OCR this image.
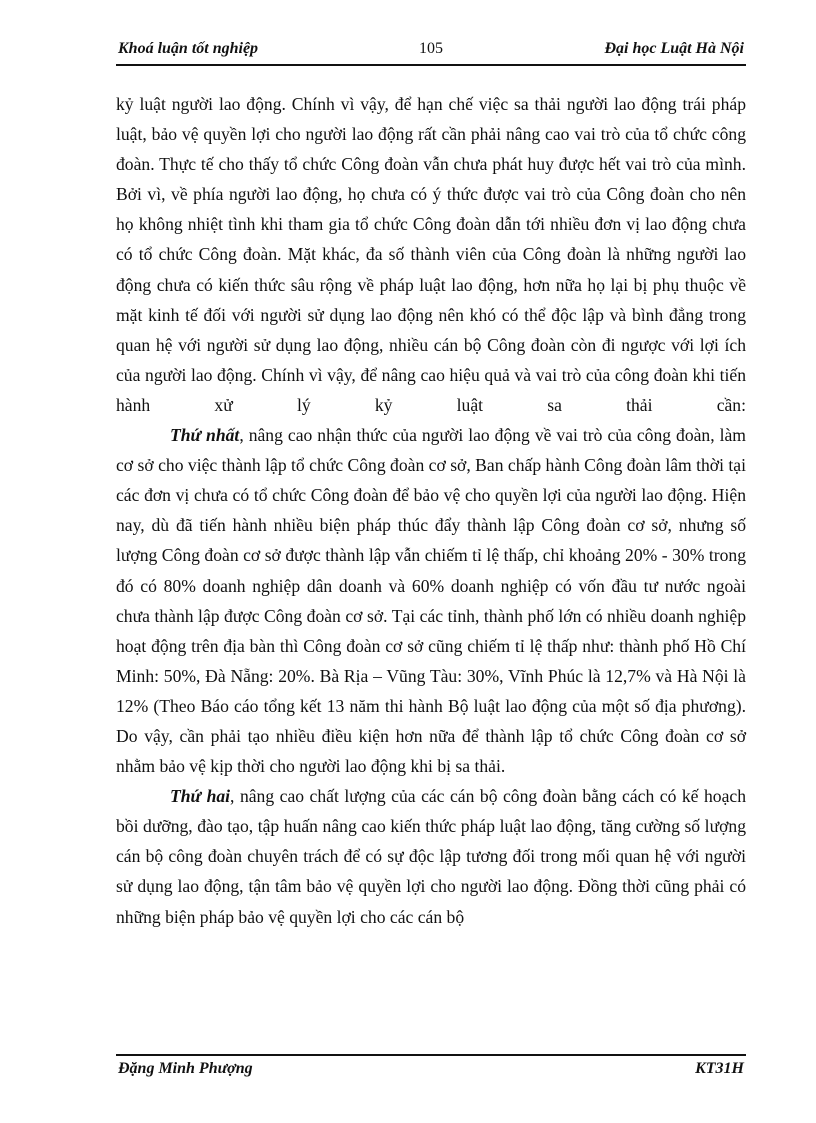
Khoá luận tốt nghiệp	105	Đại học Luật Hà Nội

kỷ luật người lao động. Chính vì vậy, để hạn chế việc sa thải người lao động trái pháp luật, bảo vệ quyền lợi cho người lao động rất cần phải nâng cao vai trò của tổ chức công đoàn. Thực tế cho thấy tổ chức Công đoàn vẫn chưa phát huy được hết vai trò của mình. Bởi vì, về phía người lao động, họ chưa có ý thức được vai trò của Công đoàn cho nên họ không nhiệt tình khi tham gia tổ chức Công đoàn dẫn tới nhiều đơn vị lao động chưa có tổ chức Công đoàn. Mặt khác, đa số thành viên của Công đoàn là những người lao động chưa có kiến thức sâu rộng về pháp luật lao động, hơn nữa họ lại bị phụ thuộc về mặt kinh tế đối với người sử dụng lao động nên khó có thể độc lập và bình đẳng trong quan hệ với người sử dụng lao động, nhiều cán bộ Công đoàn còn đi ngược với lợi ích của người lao động. Chính vì vậy, để nâng cao hiệu quả và vai trò của công đoàn khi tiến hành xử lý kỷ luật sa thải cần:

Thứ nhất, nâng cao nhận thức của người lao động về vai trò của công đoàn, làm cơ sở cho việc thành lập tổ chức Công đoàn cơ sở, Ban chấp hành Công đoàn lâm thời tại các đơn vị chưa có tổ chức Công đoàn để bảo vệ cho quyền lợi của người lao động. Hiện nay, dù đã tiến hành nhiều biện pháp thúc đẩy thành lập Công đoàn cơ sở, nhưng số lượng Công đoàn cơ sở được thành lập vẫn chiếm tỉ lệ thấp, chỉ khoảng 20% - 30% trong đó có 80% doanh nghiệp dân doanh và 60% doanh nghiệp có vốn đầu tư nước ngoài chưa thành lập được Công đoàn cơ sở. Tại các tỉnh, thành phố lớn có nhiều doanh nghiệp hoạt động trên địa bàn thì Công đoàn cơ sở cũng chiếm tỉ lệ thấp như: thành phố Hồ Chí Minh: 50%, Đà Nẵng: 20%. Bà Rịa – Vũng Tàu: 30%, Vĩnh Phúc là 12,7% và Hà Nội là 12% (Theo Báo cáo tổng kết 13 năm thi hành Bộ luật lao động của một số địa phương). Do vậy, cần phải tạo nhiều điều kiện hơn nữa để thành lập tổ chức Công đoàn cơ sở nhằm bảo vệ kịp thời cho người lao động khi bị sa thải.

Thứ hai, nâng cao chất lượng của các cán bộ công đoàn bằng cách có kế hoạch bồi dưỡng, đào tạo, tập huấn nâng cao kiến thức pháp luật lao động, tăng cường số lượng cán bộ công đoàn chuyên trách để có sự độc lập tương đối trong mối quan hệ với người sử dụng lao động, tận tâm bảo vệ quyền lợi cho người lao động. Đồng thời cũng phải có những biện pháp bảo vệ quyền lợi cho các cán bộ

Đặng Minh Phượng	KT31H
